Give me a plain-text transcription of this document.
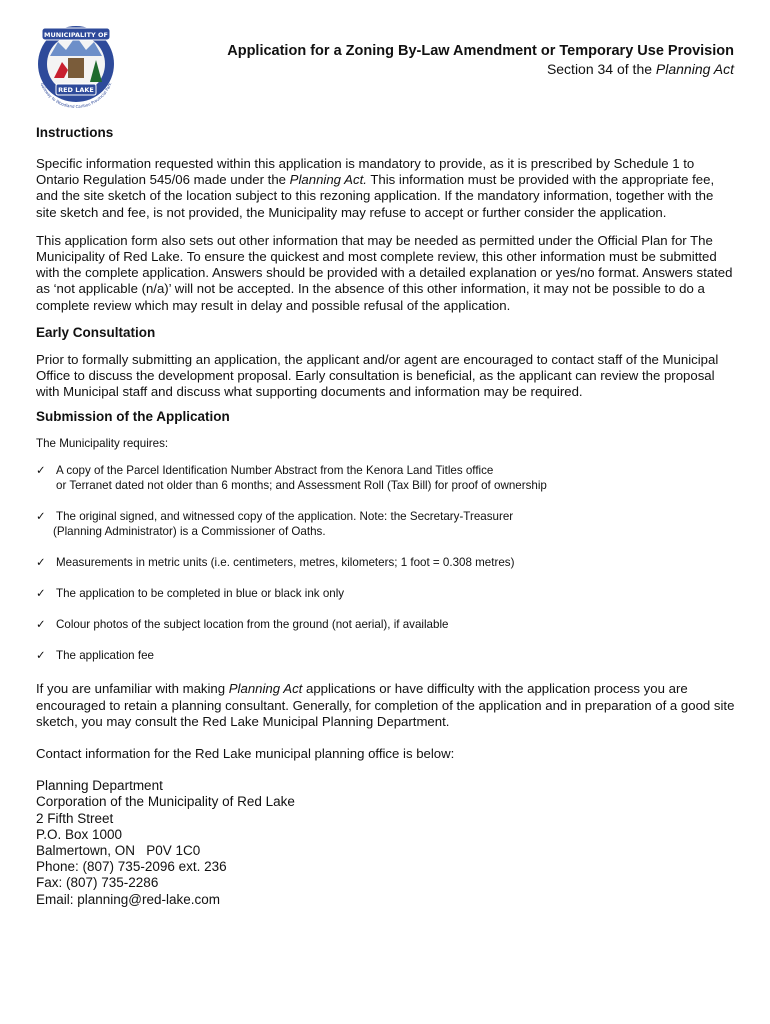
MUNICIPALITY OF
RED LAKE
Gateway to Woodland Caribou Provincial Park
Application for a Zoning By-Law Amendment or Temporary Use Provision
Section 34 of the Planning Act
Instructions

Specific information requested within this application is mandatory to provide, as it is prescribed by Schedule 1 to Ontario Regulation 545/06 made under the Planning Act. This information must be provided with the appropriate fee, and the site sketch of the location subject to this rezoning application. If the mandatory information, together with the site sketch and fee, is not provided, the Municipality may refuse to accept or further consider the application.

This application form also sets out other information that may be needed as permitted under the Official Plan for The Municipality of Red Lake. To ensure the quickest and most complete review, this other information must be submitted with the complete application. Answers should be provided with a detailed explanation or yes/no format. Answers stated as ‘not applicable (n/a)’ will not be accepted. In the absence of this other information, it may not be possible to do a complete review which may result in delay and possible refusal of the application.

Early Consultation

Prior to formally submitting an application, the applicant and/or agent are encouraged to contact staff of the Municipal Office to discuss the development proposal. Early consultation is beneficial, as the applicant can review the proposal with Municipal staff and discuss what supporting documents and information may be required.

Submission of the Application

The Municipality requires:

✓ A copy of the Parcel Identification Number Abstract from the Kenora Land Titles office
or Terranet dated not older than 6 months; and Assessment Roll (Tax Bill) for proof of ownership
✓ The original signed, and witnessed copy of the application. Note: the Secretary-Treasurer
(Planning Administrator) is a Commissioner of Oaths.
✓ Measurements in metric units (i.e. centimeters, metres, kilometers; 1 foot = 0.308 metres)
✓ The application to be completed in blue or black ink only
✓ Colour photos of the subject location from the ground (not aerial), if available
✓ The application fee

If you are unfamiliar with making Planning Act applications or have difficulty with the application process you are encouraged to retain a planning consultant. Generally, for completion of the application and in preparation of a good site sketch, you may consult the Red Lake Municipal Planning Department.

Contact information for the Red Lake municipal planning office is below:

Planning Department
Corporation of the Municipality of Red Lake
2 Fifth Street
P.O. Box 1000
Balmertown, ON   P0V 1C0
Phone: (807) 735-2096 ext. 236
Fax: (807) 735-2286
Email: planning@red-lake.com
